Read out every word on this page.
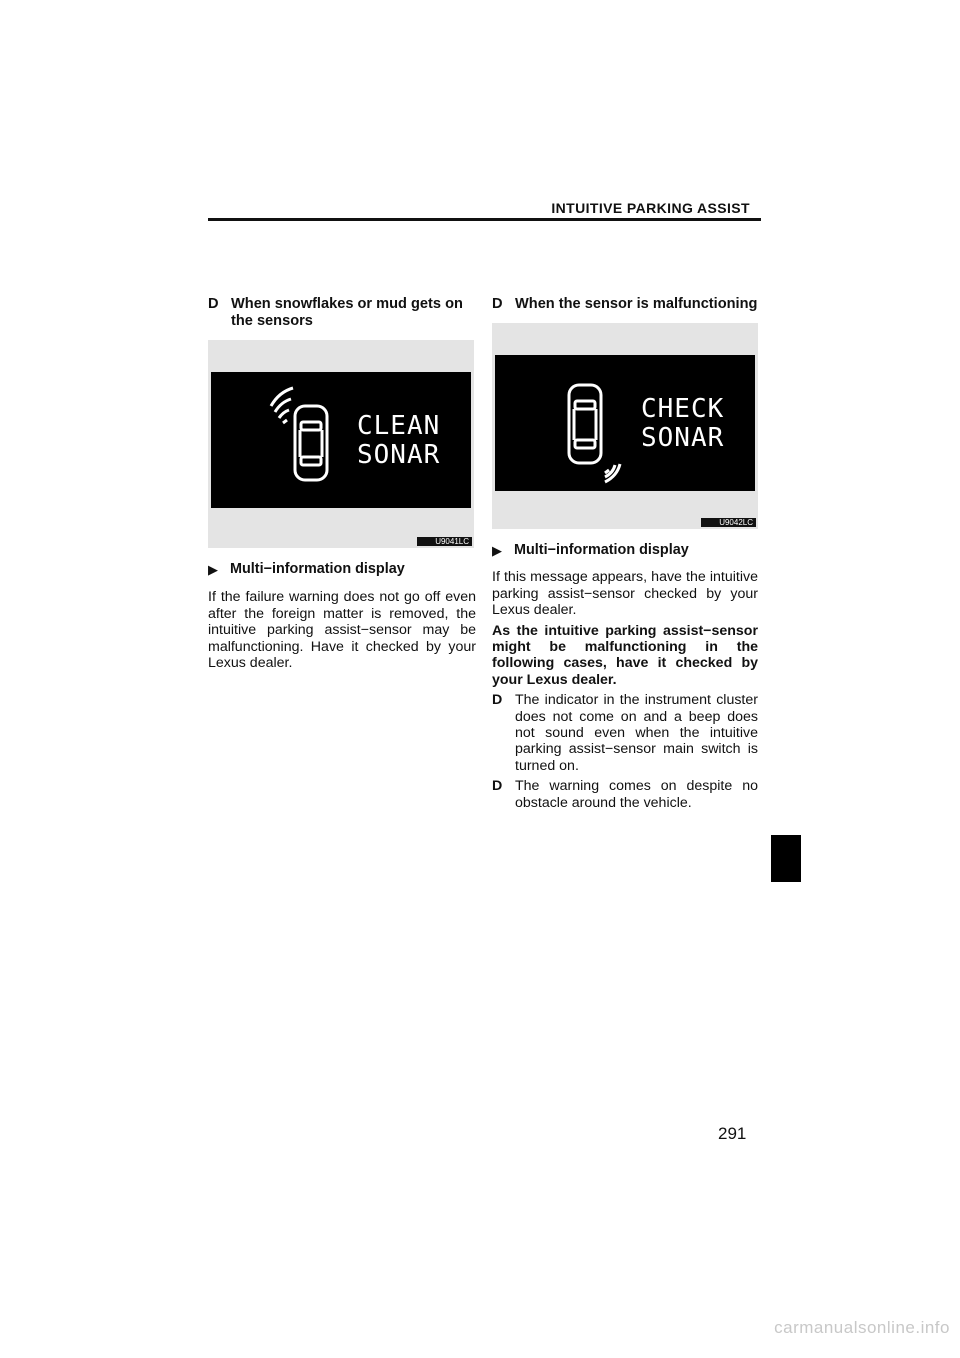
INTUITIVE PARKING ASSIST
D When snowflakes or mud gets on the sensors
CLEAN
SONAR
U9041LC
▶ Multi−information display

If the failure warning does not go off even after the foreign matter is removed, the intuitive parking assist−sensor may be malfunctioning. Have it checked by your Lexus dealer.

D When the sensor is malfunctioning
CHECK
SONAR
U9042LC
▶ Multi−information display

If this message appears, have the intuitive parking assist−sensor checked by your Lexus dealer.

As the intuitive parking assist−sensor might be malfunctioning in the following cases, have it checked by your Lexus dealer.

D The indicator in the instrument cluster does not come on and a beep does not sound even when the intuitive parking assist−sensor main switch is turned on.
D The warning comes on despite no obstacle around the vehicle.
291
carmanualsonline.info
